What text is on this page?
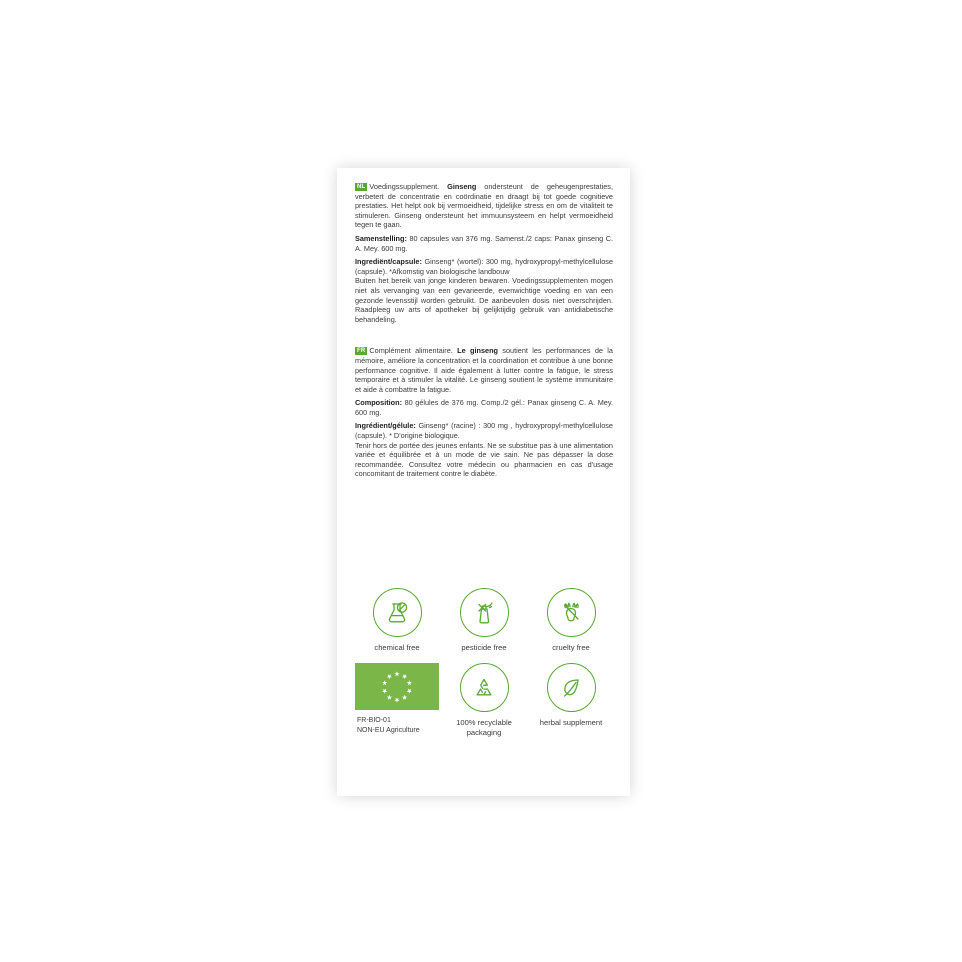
NL Voedingssupplement. Ginseng ondersteunt de geheugenprestaties, verbetert de concentratie en coördinatie en draagt bij tot goede cognitieve prestaties. Het helpt ook bij vermoeidheid, tijdelijke stress en om de vitaliteit te stimuleren. Ginseng ondersteunt het immuunsysteem en helpt vermoeidheid tegen te gaan.

Samenstelling: 80 capsules van 376 mg. Samenst./2 caps: Panax ginseng C. A. Mey. 600 mg.

Ingrediënt/capsule: Ginseng* (wortel): 300 mg, hydroxypropyl-methylcellulose (capsule). *Afkomstig van biologische landbouw

Buiten het bereik van jonge kinderen bewaren. Voedingssupplementen mogen niet als vervanging van een gevarieerde, evenwichtige voeding en van een gezonde levensstijl worden gebruikt. De aanbevolen dosis niet overschrijden. Raadpleeg uw arts of apotheker bij gelijktijdig gebruik van antidiabetische behandeling.

FR Complément alimentaire. Le ginseng soutient les performances de la mémoire, améliore la concentration et la coordination et contribue à une bonne performance cognitive. Il aide également à lutter contre la fatigue, le stress temporaire et à stimuler la vitalité. Le ginseng soutient le système immunitaire et aide à combattre la fatigue.

Composition: 80 gélules de 376 mg. Comp./2 gél.: Panax ginseng C. A. Mey. 600 mg.

Ingrédient/gélule: Ginseng* (racine) : 300 mg , hydroxypropyl-methylcellulose (capsule). * D'origine biologique.

Tenir hors de portée des jeunes enfants. Ne se substitue pas à une alimentation variée et équilibrée et à un mode de vie sain. Ne pas dépasser la dose recommandée. Consultez votre médecin ou pharmacien en cas d'usage concomitant de traitement contre le diabète.

chemical free	pesticide free	cruelty free
FR-BIO-01
NON-EU Agriculture
100% recyclable packaging
herbal supplement
